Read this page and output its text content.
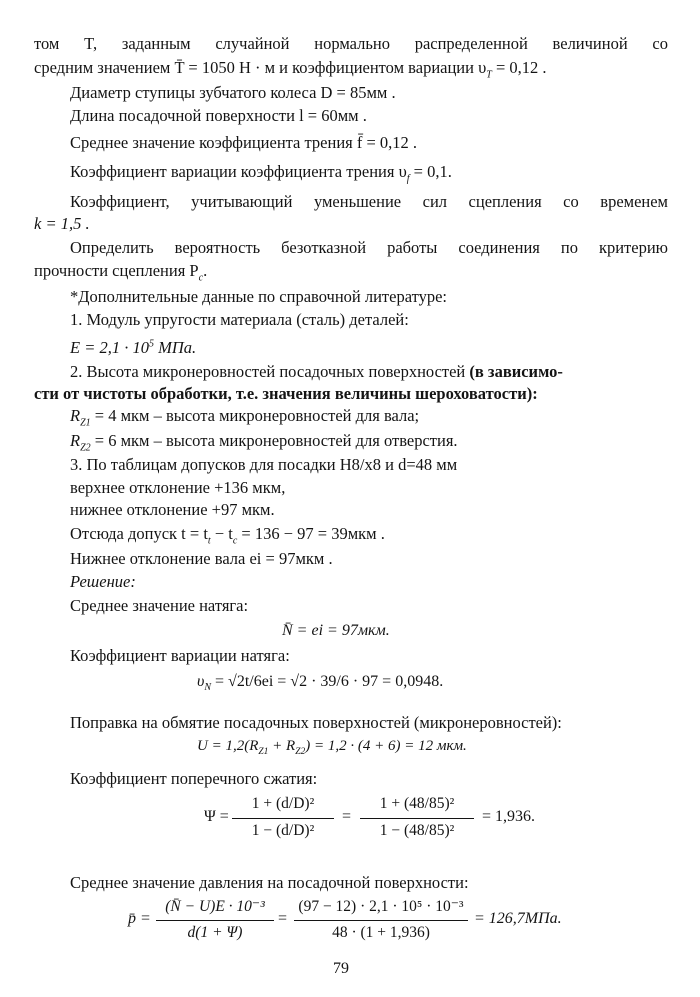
том T, заданным случайной нормально распределенной величиной со
средним значением T̄ = 1050 H · м и коэффициентом вариации $\upsilon_T = 0,12$ .
Диаметр ступицы зубчатого колеса D = 85мм .
Длина посадочной поверхности l = 60мм .
Среднее значение коэффициента трения f̄ = 0,12 .
Коэффициент вариации коэффициента трения $\upsilon_f = 0,1$.
Коэффициент, учитывающий уменьшение сил сцепления со временем
k = 1,5 .
Определить вероятность безотказной работы соединения по критерию
прочности сцепления $P_c$.
*Дополнительные данные по справочной литературе:
1. Модуль упругости материала (сталь) деталей:
$E = 2,1 \cdot 10^5$ МПа.
2. Высота микронеровностей посадочных поверхностей (в зависимо-
сти от чистоты обработки, т.е. значения величины шероховатости):
$R_{Z1} = 4$ мкм – высота микронеровностей для вала;
$R_{Z2} = 6$ мкм – высота микронеровностей для отверстия.
3. По таблицам допусков для посадки H8/x8 и d=48 мм
верхнее отклонение +136 мкм,
нижнее отклонение +97 мкм.
Отсюда допуск $t = t_t - t_c = 136 - 97 = 39мкм$ .
Нижнее отклонение вала ei = 97мкм .
Решение:
Среднее значение натяга:
N̄ = ei = 97мкм.
Коэффициент вариации натяга:
$\upsilon_N = √2t/6ei = √2 \cdot 39/6 \cdot 97 = 0,0948$.
Поправка на обмятие посадочных поверхностей (микронеровностей):
$U = 1,2(R_{Z1} + R_{Z2}) = 1,2 \cdot (4 + 6) = 12$ мкм.
Коэффициент поперечного сжатия:
Ψ =
1 + (d/D)²
1 − (d/D)²
=
1 + (48/85)²
1 − (48/85)²
= 1,936.
Среднее значение давления на посадочной поверхности:
p̄ =
(N̄ − U)E · 10⁻³
d(1 + Ψ)
=
(97 − 12) · 2,1 · 10⁵ · 10⁻³
48 · (1 + 1,936)
= 126,7МПа.
79
